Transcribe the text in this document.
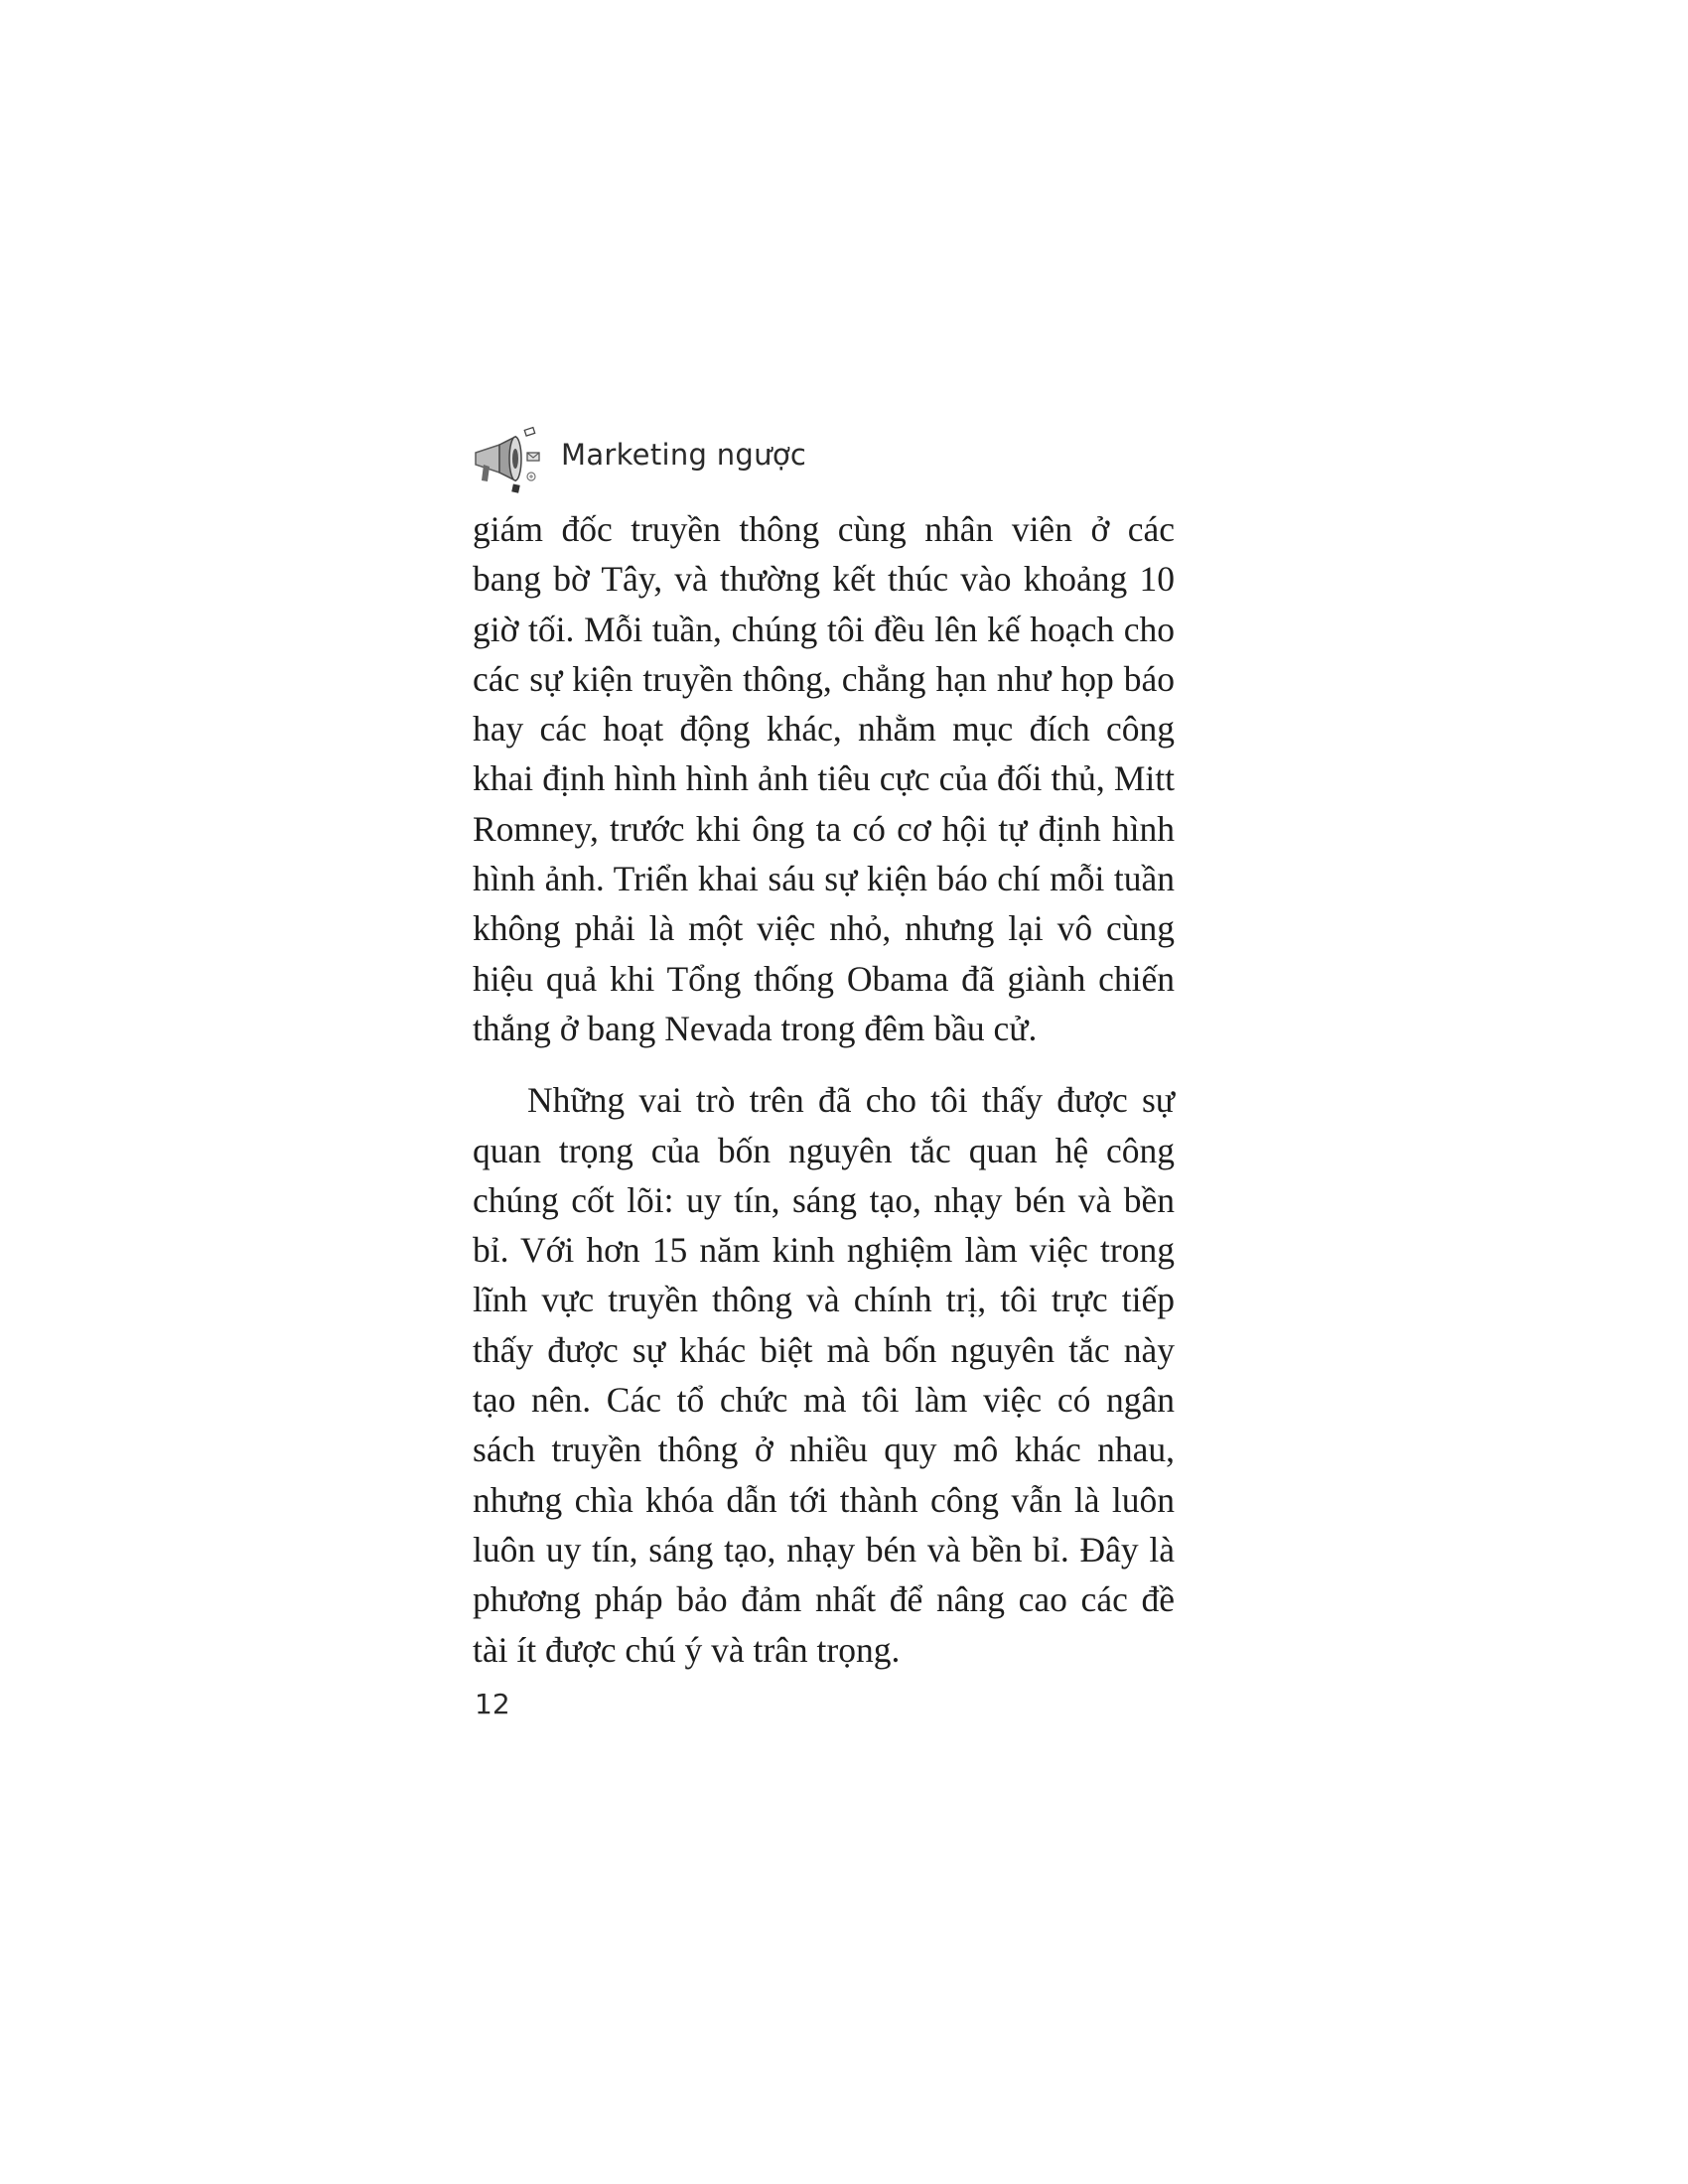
Marketing ngược

giám đốc truyền thông cùng nhân viên ở các bang bờ Tây, và thường kết thúc vào khoảng 10 giờ tối. Mỗi tuần, chúng tôi đều lên kế hoạch cho các sự kiện truyền thông, chẳng hạn như họp báo hay các hoạt động khác, nhằm mục đích công khai định hình hình ảnh tiêu cực của đối thủ, Mitt Romney, trước khi ông ta có cơ hội tự định hình hình ảnh. Triển khai sáu sự kiện báo chí mỗi tuần không phải là một việc nhỏ, nhưng lại vô cùng hiệu quả khi Tổng thống Obama đã giành chiến thắng ở bang Nevada trong đêm bầu cử.

Những vai trò trên đã cho tôi thấy được sự quan trọng của bốn nguyên tắc quan hệ công chúng cốt lõi: uy tín, sáng tạo, nhạy bén và bền bỉ. Với hơn 15 năm kinh nghiệm làm việc trong lĩnh vực truyền thông và chính trị, tôi trực tiếp thấy được sự khác biệt mà bốn nguyên tắc này tạo nên. Các tổ chức mà tôi làm việc có ngân sách truyền thông ở nhiều quy mô khác nhau, nhưng chìa khóa dẫn tới thành công vẫn là luôn luôn uy tín, sáng tạo, nhạy bén và bền bỉ. Đây là phương pháp bảo đảm nhất để nâng cao các đề tài ít được chú ý và trân trọng.

12
